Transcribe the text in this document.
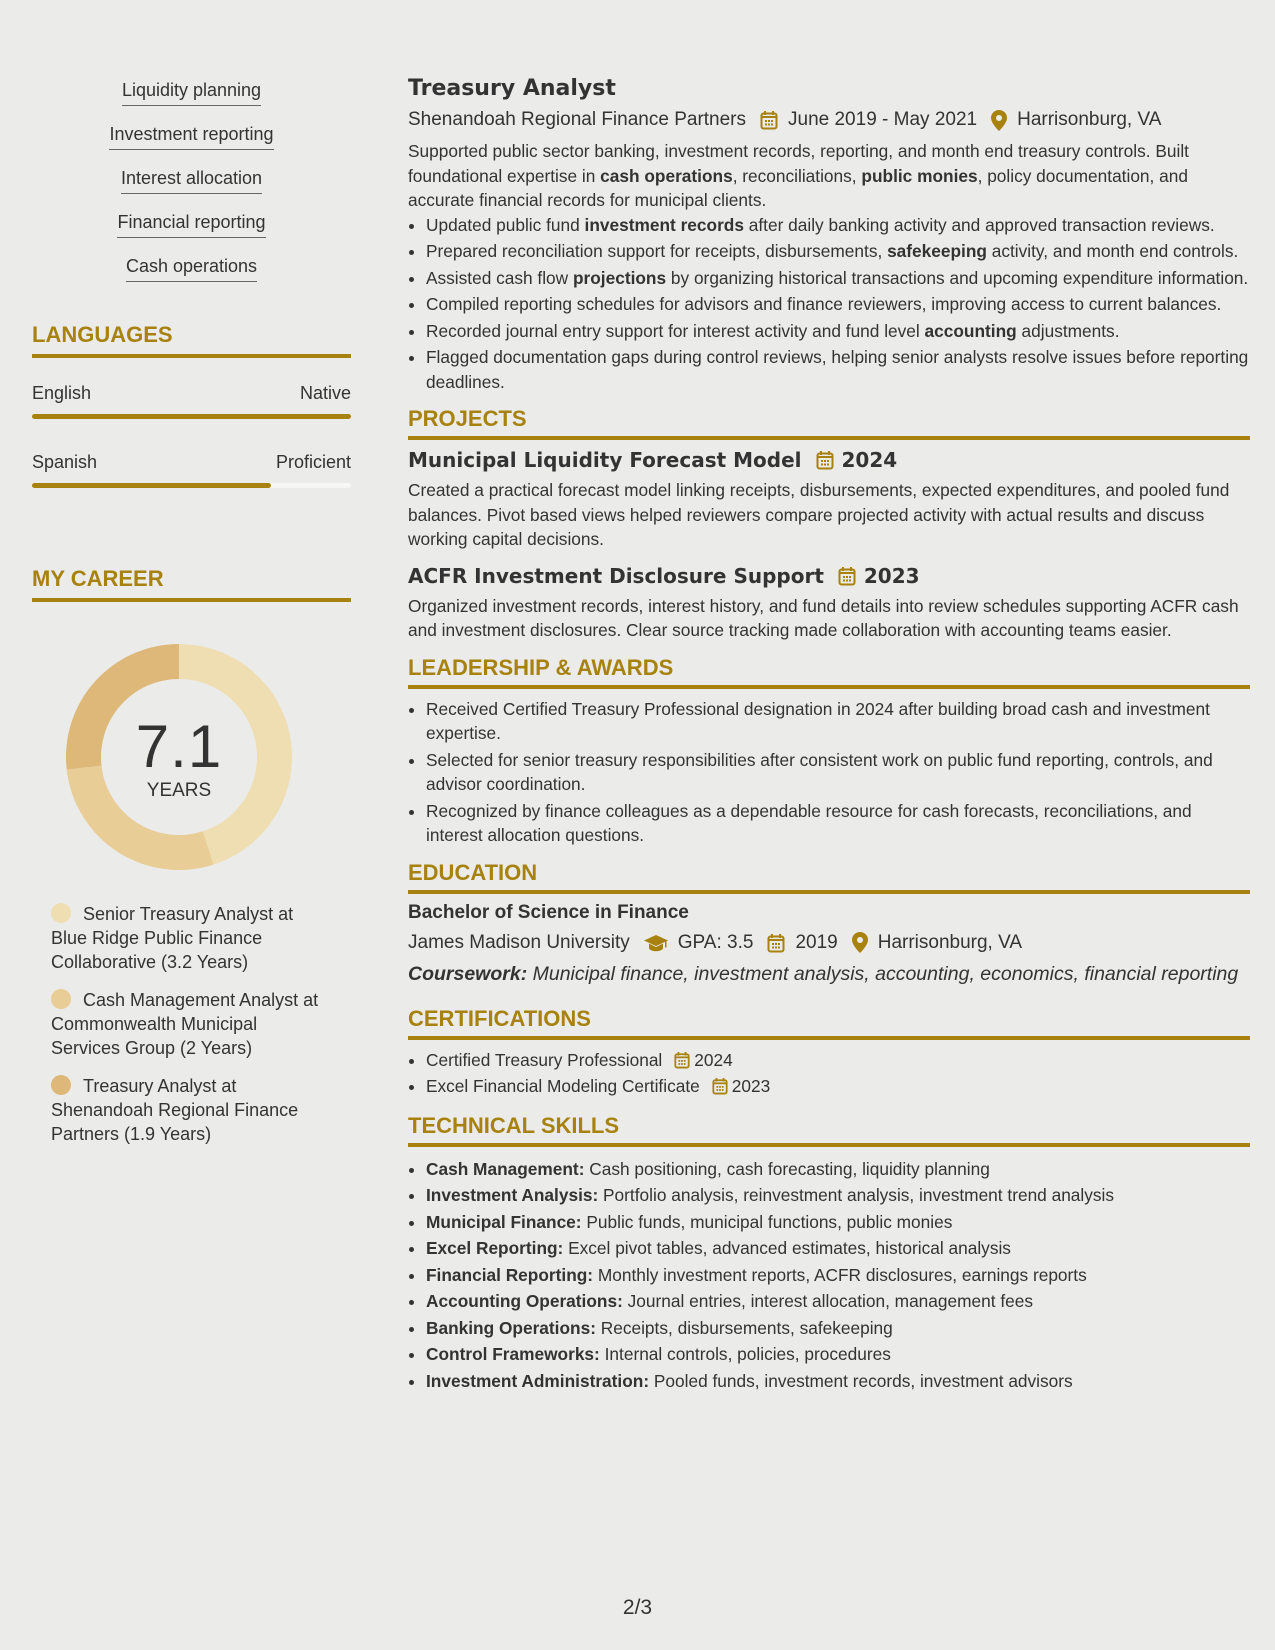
Liquidity planning
Investment reporting
Interest allocation
Financial reporting
Cash operations
LANGUAGES
English	Native
Spanish	Proficient
MY CAREER
7.1
YEARS
Senior Treasury Analyst at Blue Ridge Public Finance Collaborative (3.2 Years)
Cash Management Analyst at Commonwealth Municipal Services Group (2 Years)
Treasury Analyst at Shenandoah Regional Finance Partners (1.9 Years)
Treasury Analyst
Shenandoah Regional Finance Partners June 2019 - May 2021 Harrisonburg, VA
Supported public sector banking, investment records, reporting, and month end treasury controls. Built foundational expertise in cash operations, reconciliations, public monies, policy documentation, and accurate financial records for municipal clients.
• Updated public fund investment records after daily banking activity and approved transaction reviews.
• Prepared reconciliation support for receipts, disbursements, safekeeping activity, and month end controls.
• Assisted cash flow projections by organizing historical transactions and upcoming expenditure information.
• Compiled reporting schedules for advisors and finance reviewers, improving access to current balances.
• Recorded journal entry support for interest activity and fund level accounting adjustments.
• Flagged documentation gaps during control reviews, helping senior analysts resolve issues before reporting deadlines.
PROJECTS
Municipal Liquidity Forecast Model 2024
Created a practical forecast model linking receipts, disbursements, expected expenditures, and pooled fund balances. Pivot based views helped reviewers compare projected activity with actual results and discuss working capital decisions.
ACFR Investment Disclosure Support 2023
Organized investment records, interest history, and fund details into review schedules supporting ACFR cash and investment disclosures. Clear source tracking made collaboration with accounting teams easier.
LEADERSHIP & AWARDS
• Received Certified Treasury Professional designation in 2024 after building broad cash and investment expertise.
• Selected for senior treasury responsibilities after consistent work on public fund reporting, controls, and advisor coordination.
• Recognized by finance colleagues as a dependable resource for cash forecasts, reconciliations, and interest allocation questions.
EDUCATION
Bachelor of Science in Finance
James Madison University	GPA: 3.5 2019 Harrisonburg, VA
Coursework: Municipal finance, investment analysis, accounting, economics, financial reporting
CERTIFICATIONS
• Certified Treasury Professional 2024
• Excel Financial Modeling Certificate 2023
TECHNICAL SKILLS
• Cash Management: Cash positioning, cash forecasting, liquidity planning
• Investment Analysis: Portfolio analysis, reinvestment analysis, investment trend analysis
• Municipal Finance: Public funds, municipal functions, public monies
• Excel Reporting: Excel pivot tables, advanced estimates, historical analysis
• Financial Reporting: Monthly investment reports, ACFR disclosures, earnings reports
• Accounting Operations: Journal entries, interest allocation, management fees
• Banking Operations: Receipts, disbursements, safekeeping
• Control Frameworks: Internal controls, policies, procedures
• Investment Administration: Pooled funds, investment records, investment advisors
2/3
